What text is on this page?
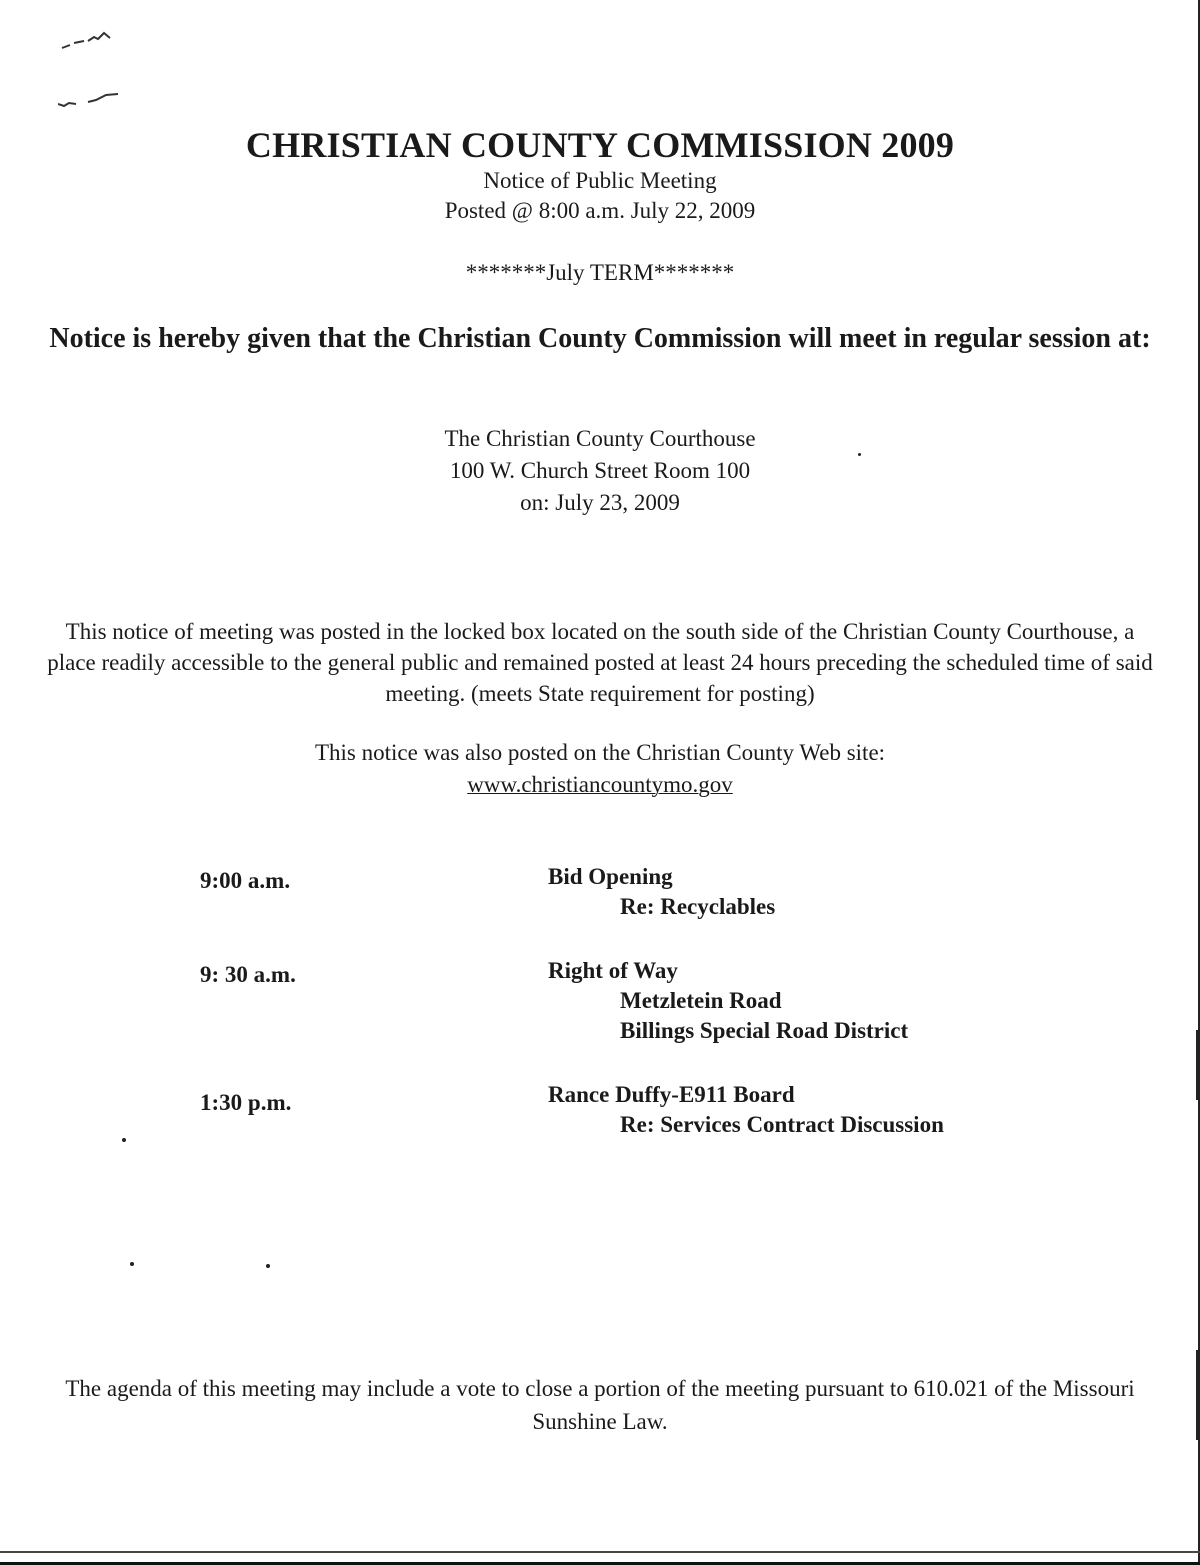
CHRISTIAN COUNTY COMMISSION 2009
Notice of Public Meeting
Posted @ 8:00 a.m. July 22, 2009
*******July TERM*******
Notice is hereby given that the Christian County Commission will meet in regular session at:
The Christian County Courthouse
100 W. Church Street Room 100
on: July 23, 2009
This notice of meeting was posted in the locked box located on the south side of the Christian County Courthouse, a place readily accessible to the general public and remained posted at least 24 hours preceding the scheduled time of said meeting. (meets State requirement for posting)
This notice was also posted on the Christian County Web site:
www.christiancountymo.gov
9:00 a.m.	Bid Opening
Re: Recyclables
9: 30 a.m.	Right of Way
Metzletein Road
Billings Special Road District
1:30 p.m.	Rance Duffy-E911 Board
Re: Services Contract Discussion
The agenda of this meeting may include a vote to close a portion of the meeting pursuant to 610.021 of the Missouri Sunshine Law.
